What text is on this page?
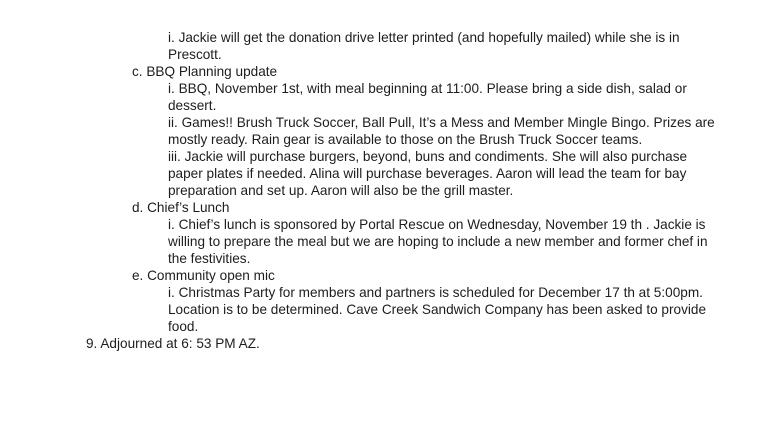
i. Jackie will get the donation drive letter printed (and hopefully mailed) while she is in
Prescott.
c. BBQ Planning update
i. BBQ, November 1st, with meal beginning at 11:00. Please bring a side dish, salad or
dessert.
ii. Games!! Brush Truck Soccer, Ball Pull, It’s a Mess and Member Mingle Bingo. Prizes are
mostly ready. Rain gear is available to those on the Brush Truck Soccer teams.
iii. Jackie will purchase burgers, beyond, buns and condiments. She will also purchase
paper plates if needed. Alina will purchase beverages. Aaron will lead the team for bay
preparation and set up. Aaron will also be the grill master.
d. Chief’s Lunch
i. Chief’s lunch is sponsored by Portal Rescue on Wednesday, November 19 th . Jackie is
willing to prepare the meal but we are hoping to include a new member and former chef in
the festivities.
e. Community open mic
i. Christmas Party for members and partners is scheduled for December 17 th at 5:00pm.
Location is to be determined. Cave Creek Sandwich Company has been asked to provide
food.
9. Adjourned at 6: 53 PM AZ.
